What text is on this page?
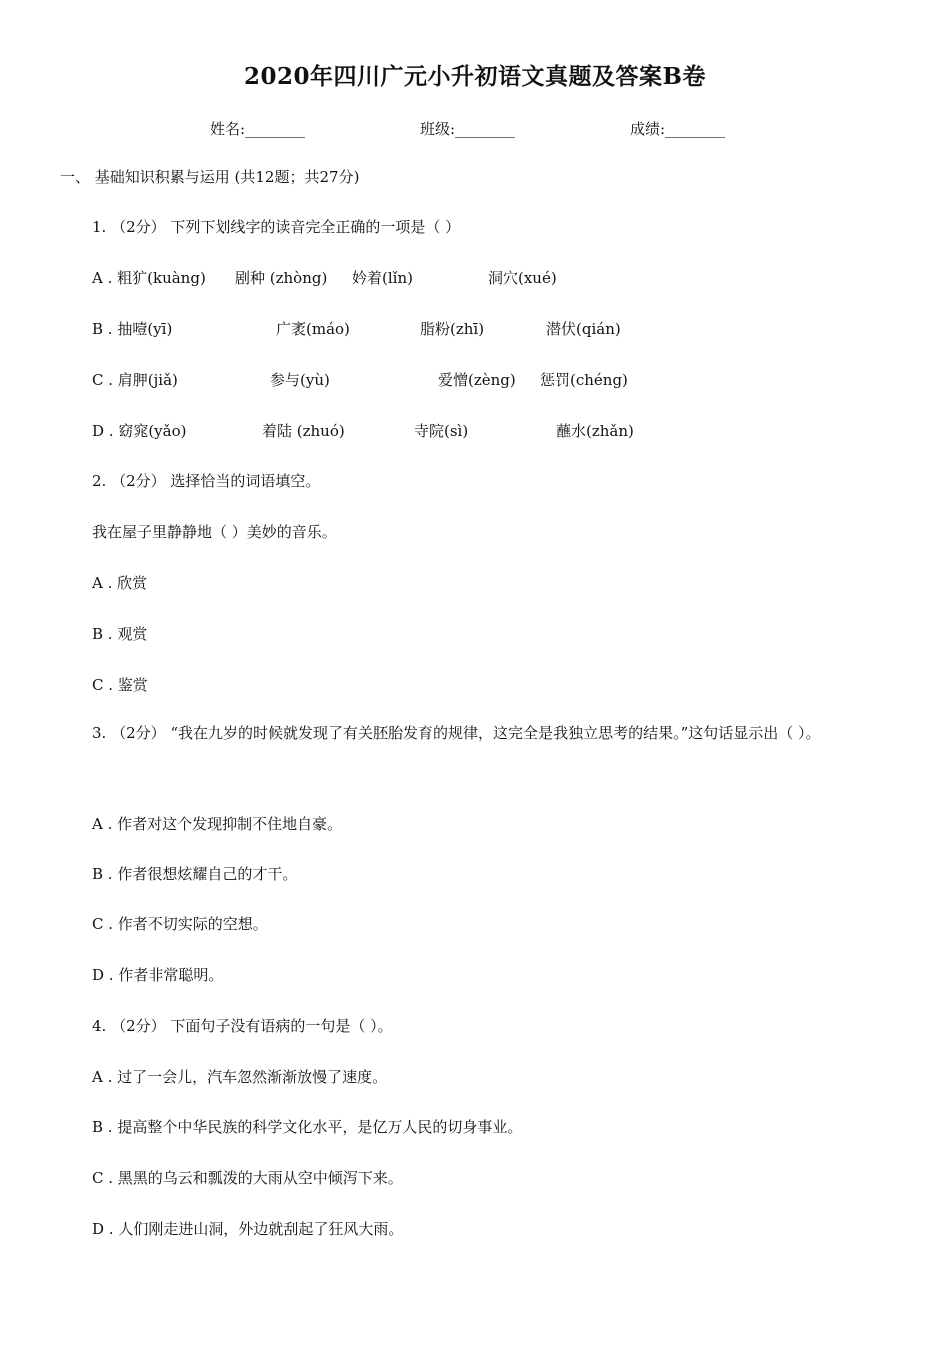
2020年四川广元小升初语文真题及答案B卷
姓名:________	班级:________	成绩:________
一、 基础知识积累与运用 (共12题；共27分)
1. （2分） 下列下划线字的读音完全正确的一项是（ ）
A . 粗犷(kuàng) 剧种 (zhòng) 妗着(lǐn)	洞穴(xué)
B . 抽噎(yī)	广袤(máo)	脂粉(zhī)	潜伏(qián)
C . 肩胛(jiǎ)	参与(yù)	爱憎(zèng) 惩罚(chéng)
D . 窈窕(yǎo)	着陆 (zhuó)	寺院(sì)	蘸水(zhǎn)
2. （2分） 选择恰当的词语填空。
我在屋子里静静地（ ）美妙的音乐。
A . 欣赏
B . 观赏
C . 鉴赏
3. （2分） “我在九岁的时候就发现了有关胚胎发育的规律，这完全是我独立思考的结果。”这句话显示出（ ）。
A . 作者对这个发现抑制不住地自豪。
B . 作者很想炫耀自己的才干。
C . 作者不切实际的空想。
D . 作者非常聪明。
4. （2分） 下面句子没有语病的一句是（ ）。
A . 过了一会儿，汽车忽然渐渐放慢了速度。
B . 提高整个中华民族的科学文化水平，是亿万人民的切身事业。
C . 黑黑的乌云和瓢泼的大雨从空中倾泻下来。
D . 人们刚走进山洞，外边就刮起了狂风大雨。
